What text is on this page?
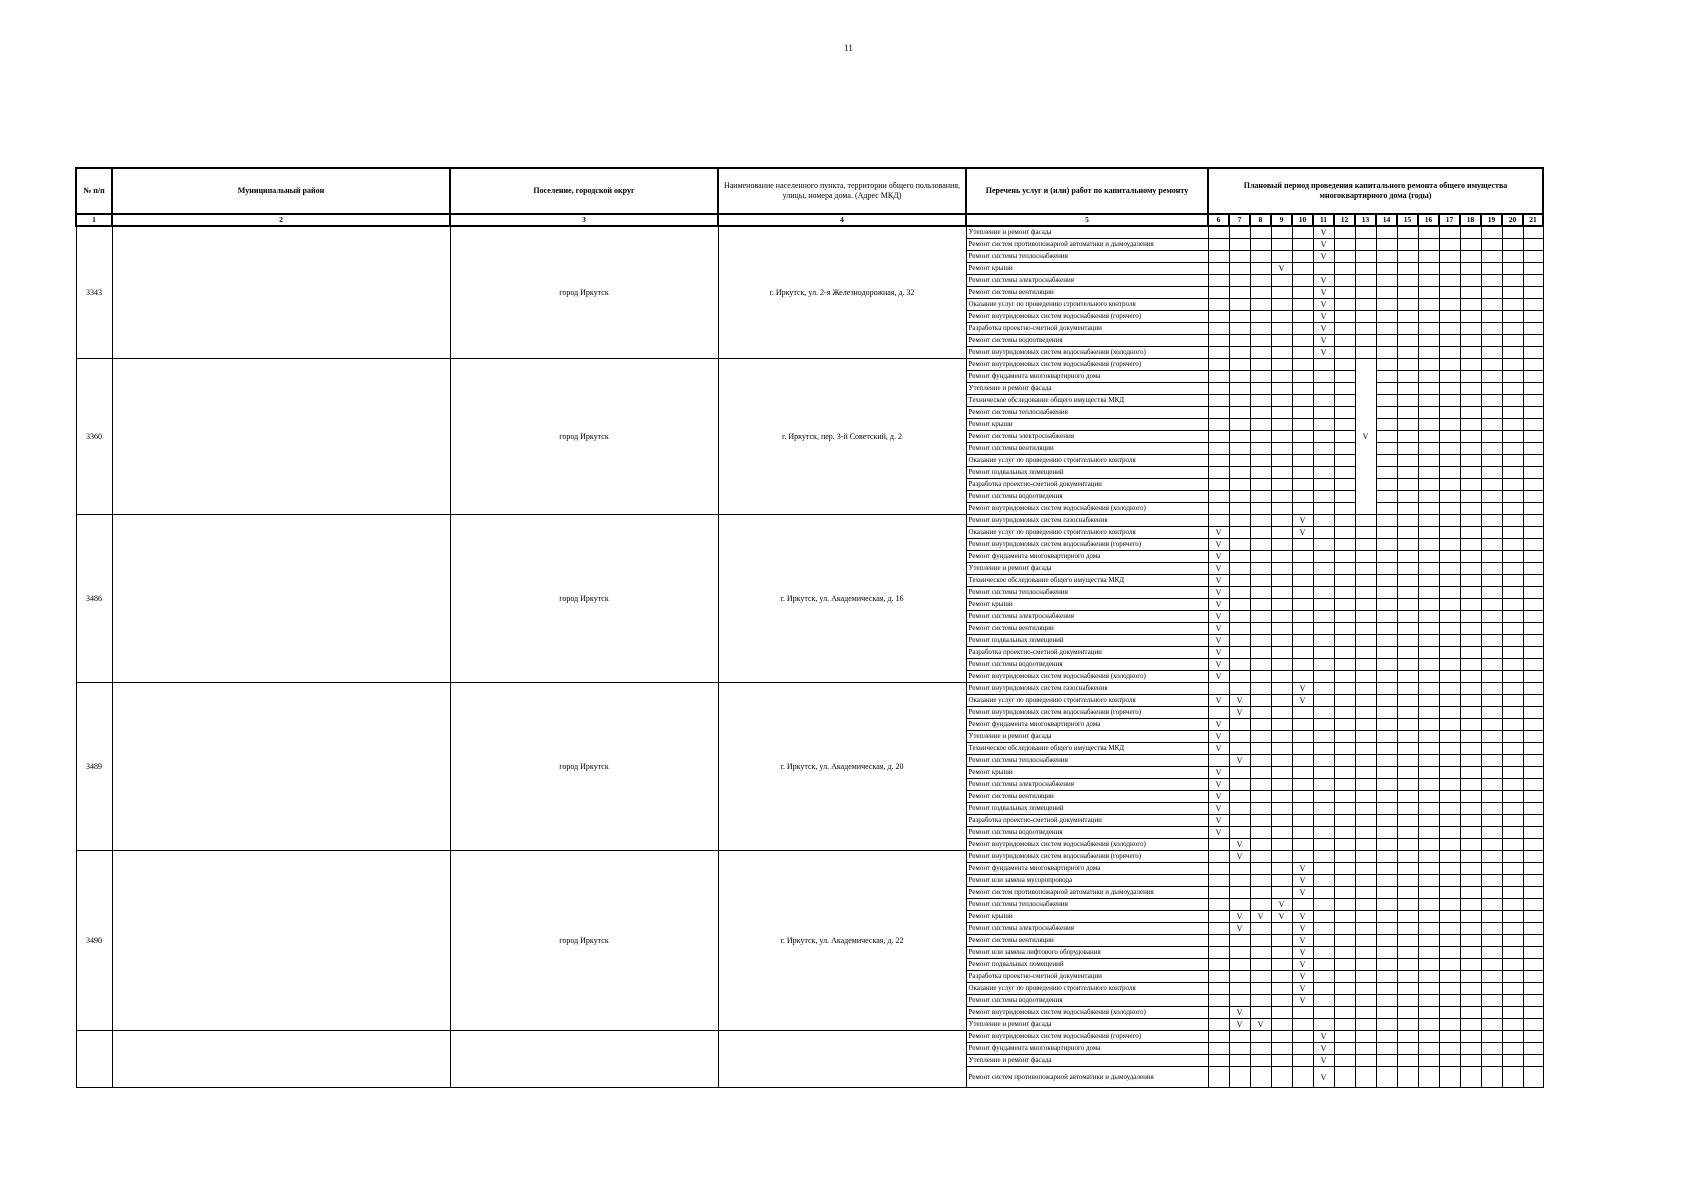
11
№ п/п	Муниципальный район	Поселение, городской округ	Наименование населенного пункта, территории общего пользования, улицы, номера дома. (Адрес МКД)	Перечень услуг и (или) работ по капитальному ремонту	Плановый период проведения капитального ремонта общего имущества многоквартирного дома (годы)															
1	2	3	4	5	6	7	8	9	10	11	12	13	14	15	16	17	18	19	20	21
3343		город Иркутск	г. Иркутск, ул. 2-я Железнодорожная, д. 32	Утепление и ремонт фасада						V										
				Ремонт систем противопожарной автоматики и дымоудаления						V										
				Ремонт системы теплоснабжения						V										
				Ремонт крыши				V												
				Ремонт системы электроснабжения						V										
				Ремонт системы вентиляции						V										
				Оказание услуг по проведению строительного контроля						V										
				Ремонт внутридомовых систем водоснабжения (горячего)						V										
				Разработка проектно-сметной документации						V										
				Ремонт системы водоотведения						V										
				Ремонт внутридомовых систем водоснабжения (холодного)						V										
3360		город Иркутск	г. Иркутск, пер. 3-й Советский, д. 2	Ремонт внутридомовых систем водоснабжения (горячего)								V								
				Ремонт фундамента многоквартирного дома																
				Утепление и ремонт фасада																
				Техническое обследование общего имущества МКД																
				Ремонт системы теплоснабжения																
				Ремонт крыши																
				Ремонт системы электроснабжения																
				Ремонт системы вентиляции																
				Оказание услуг по проведению строительного контроля																
				Ремонт подвальных помещений																
				Разработка проектно-сметной документации																
				Ремонт системы водоотведения																
				Ремонт внутридомовых систем водоснабжения (холодного)																
3486		город Иркутск	г. Иркутск, ул. Академическая, д. 16	Ремонт внутридомовых систем газоснабжения					V											
				Оказание услуг по проведению строительного контроля	V				V											
				Ремонт внутридомовых систем водоснабжения (горячего)	V															
				Ремонт фундамента многоквартирного дома	V															
				Утепление и ремонт фасада	V															
				Техническое обследование общего имущества МКД	V															
				Ремонт системы теплоснабжения	V															
				Ремонт крыши	V															
				Ремонт системы электроснабжения	V															
				Ремонт системы вентиляции	V															
				Ремонт подвальных помещений	V															
				Разработка проектно-сметной документации	V															
				Ремонт системы водоотведения	V															
				Ремонт внутридомовых систем водоснабжения (холодного)	V															
3489		город Иркутск	г. Иркутск, ул. Академическая, д. 20	Ремонт внутридомовых систем газоснабжения					V											
				Оказание услуг по проведению строительного контроля	V	V			V											
				Ремонт внутридомовых систем водоснабжения (горячего)		V														
				Ремонт фундамента многоквартирного дома	V															
				Утепление и ремонт фасада	V															
				Техническое обследование общего имущества МКД	V															
				Ремонт системы теплоснабжения		V														
				Ремонт крыши	V															
				Ремонт системы электроснабжения	V															
				Ремонт системы вентиляции	V															
				Ремонт подвальных помещений	V															
				Разработка проектно-сметной документации	V															
				Ремонт системы водоотведения	V															
				Ремонт внутридомовых систем водоснабжения (холодного)		V														
3490		город Иркутск	г. Иркутск, ул. Академическая, д. 22	Ремонт внутридомовых систем водоснабжения (горячего)		V														
				Ремонт фундамента многоквартирного дома					V											
				Ремонт или замена мусоропровода					V											
				Ремонт систем противопожарной автоматики и дымоудаления					V											
				Ремонт системы теплоснабжения				V												
				Ремонт крыши		V	V	V	V											
				Ремонт системы электроснабжения		V			V											
				Ремонт системы вентиляции					V											
				Ремонт или замена лифтового оборудования					V											
				Ремонт подвальных помещений					V											
				Разработка проектно-сметной документации					V											
				Оказание услуг по проведению строительного контроля					V											
				Ремонт системы водоотведения					V											
				Ремонт внутридомовых систем водоснабжения (холодного)		V														
				Утепление и ремонт фасада		V	V													
				Ремонт внутридомовых систем водоснабжения (горячего)						V										
				Ремонт фундамента многоквартирного дома						V										
				Утепление и ремонт фасада						V										
				Ремонт систем противопожарной автоматики и дымоудаления						V										
